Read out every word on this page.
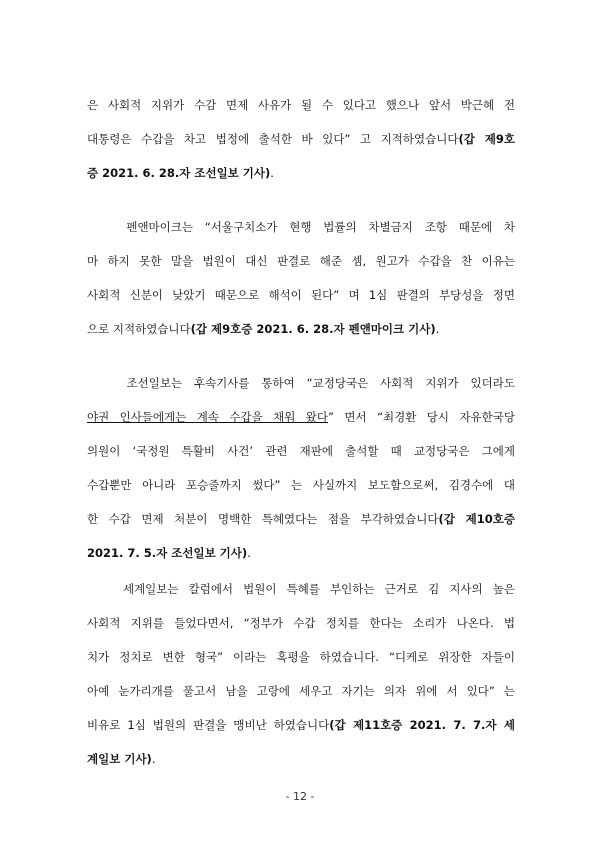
은 사회적 지위가 수감 면제 사유가 될 수 있다고 했으나 앞서 박근혜 전
대통령은 수갑을 차고 법정에 출석한 바 있다” 고 지적하였습니다(갑 제9호
증 2021. 6. 28.자 조선일보 기사).
　　펜앤마이크는 “서울구치소가 현행 법률의 차별금지 조항 때문에 차
마 하지 못한 말을 법원이 대신 판결로 해준 셈, 원고가 수갑을 찬 이유는
사회적 신분이 낮았기 때문으로 해석이 된다” 며 1심 판결의 부당성을 정면
으로 지적하였습니다(갑 제9호증 2021. 6. 28.자 펜앤마이크 기사).
　　조선일보는 후속기사를 통하여 “교정당국은 사회적 지위가 있더라도
야권 인사들에게는 계속 수갑을 채워 왔다” 면서 “최경환 당시 자유한국당
의원이 ‘국정원 특활비 사건’ 관련 재판에 출석할 때 교정당국은 그에게
수갑뿐만 아니라 포승줄까지 썼다” 는 사실까지 보도함으로써, 김경수에 대
한 수갑 면제 처분이 명백한 특혜였다는 점을 부각하였습니다(갑 제10호증
2021. 7. 5.자 조선일보 기사).
　　세계일보는 칼럼에서 법원이 특혜를 부인하는 근거로 김 지사의 높은
사회적 지위를 들었다면서, “정부가 수갑 정치를 한다는 소리가 나온다. 법
치가 정치로 변한 형국” 이라는 혹평을 하였습니다. “디케로 위장한 자들이
아예 눈가리개를 풀고서 남을 고랑에 세우고 자기는 의자 위에 서 있다” 는
비유로 1심 법원의 판결을 맹비난 하였습니다(갑 제11호증 2021. 7. 7.자 세
계일보 기사).
- 12 -
